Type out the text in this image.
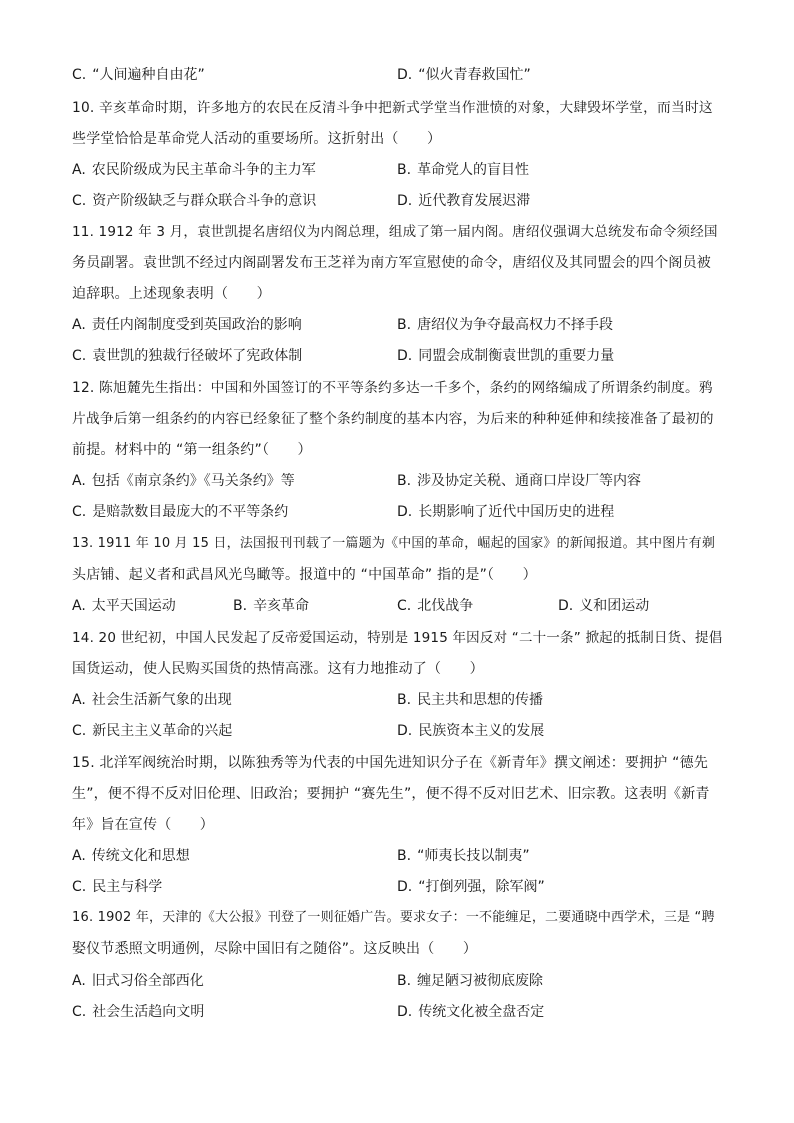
C. “人间遍种自由花”	D. “似火青春救国忙”
10. 辛亥革命时期，许多地方的农民在反清斗争中把新式学堂当作泄愤的对象，大肆毁坏学堂，而当时这
些学堂恰恰是革命党人活动的重要场所。这折射出（　　）
A. 农民阶级成为民主革命斗争的主力军	B. 革命党人的盲目性
C. 资产阶级缺乏与群众联合斗争的意识	D. 近代教育发展迟滞
11. 1912 年 3 月，袁世凯提名唐绍仪为内阁总理，组成了第一届内阁。唐绍仪强调大总统发布命令须经国
务员副署。袁世凯不经过内阁副署发布王芝祥为南方军宣慰使的命令，唐绍仪及其同盟会的四个阁员被
迫辞职。上述现象表明（　　）
A. 责任内阁制度受到英国政治的影响	B. 唐绍仪为争夺最高权力不择手段
C. 袁世凯的独裁行径破坏了宪政体制	D. 同盟会成制衡袁世凯的重要力量
12. 陈旭麓先生指出：中国和外国签订的不平等条约多达一千多个，条约的网络编成了所谓条约制度。鸦
片战争后第一组条约的内容已经象征了整个条约制度的基本内容，为后来的种种延伸和续接准备了最初的
前提。材料中的 “第一组条约”（　　）
A. 包括《南京条约》《马关条约》等	B. 涉及协定关税、通商口岸设厂等内容
C. 是赔款数目最庞大的不平等条约	D. 长期影响了近代中国历史的进程
13. 1911 年 10 月 15 日，法国报刊刊载了一篇题为《中国的革命，崛起的国家》的新闻报道。其中图片有剃
头店铺、起义者和武昌风光鸟瞰等。报道中的 “中国革命” 指的是”（　　）
A. 太平天国运动	B. 辛亥革命	C. 北伐战争	D. 义和团运动
14. 20 世纪初，中国人民发起了反帝爱国运动，特别是 1915 年因反对 “二十一条” 掀起的抵制日货、提倡
国货运动，使人民购买国货的热情高涨。这有力地推动了（　　）
A. 社会生活新气象的出现	B. 民主共和思想的传播
C. 新民主主义革命的兴起	D. 民族资本主义的发展
15. 北洋军阀统治时期，以陈独秀等为代表的中国先进知识分子在《新青年》撰文阐述：要拥护 “德先
生”，便不得不反对旧伦理、旧政治；要拥护 “赛先生”，便不得不反对旧艺术、旧宗教。这表明《新青
年》旨在宣传（　　）
A. 传统文化和思想	B. “师夷长技以制夷”
C. 民主与科学	D. “打倒列强，除军阀”
16. 1902 年，天津的《大公报》刊登了一则征婚广告。要求女子：一不能缠足，二要通晓中西学术，三是 “聘
娶仪节悉照文明通例，尽除中国旧有之随俗”。这反映出（　　）
A. 旧式习俗全部西化	B. 缠足陋习被彻底废除
C. 社会生活趋向文明	D. 传统文化被全盘否定
